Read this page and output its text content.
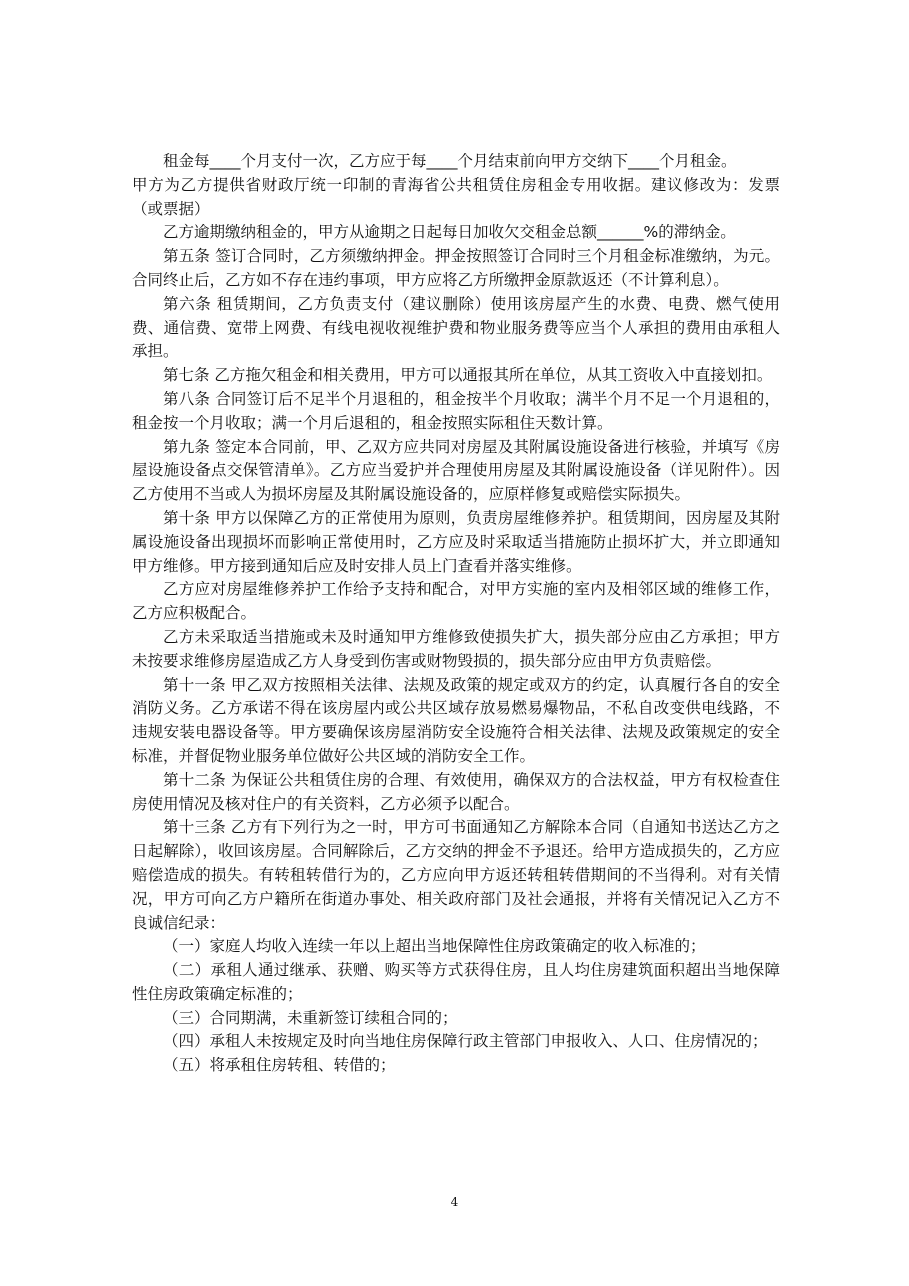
租金每____个月支付一次，乙方应于每____个月结束前向甲方交纳下____个月租金。

甲方为乙方提供省财政厅统一印制的青海省公共租赁住房租金专用收据。建议修改为：发票（或票据）

乙方逾期缴纳租金的，甲方从逾期之日起每日加收欠交租金总额______%的滞纳金。

第五条 签订合同时，乙方须缴纳押金。押金按照签订合同时三个月租金标准缴纳，为元。合同终止后，乙方如不存在违约事项，甲方应将乙方所缴押金原款返还（不计算利息）。

第六条 租赁期间，乙方负责支付（建议删除）使用该房屋产生的水费、电费、燃气使用费、通信费、宽带上网费、有线电视收视维护费和物业服务费等应当个人承担的费用由承租人承担。

第七条 乙方拖欠租金和相关费用，甲方可以通报其所在单位，从其工资收入中直接划扣。

第八条 合同签订后不足半个月退租的，租金按半个月收取；满半个月不足一个月退租的，租金按一个月收取；满一个月后退租的，租金按照实际租住天数计算。

第九条 签定本合同前，甲、乙双方应共同对房屋及其附属设施设备进行核验，并填写《房屋设施设备点交保管清单》。乙方应当爱护并合理使用房屋及其附属设施设备（详见附件）。因乙方使用不当或人为损坏房屋及其附属设施设备的，应原样修复或赔偿实际损失。

第十条 甲方以保障乙方的正常使用为原则，负责房屋维修养护。租赁期间，因房屋及其附属设施设备出现损坏而影响正常使用时，乙方应及时采取适当措施防止损坏扩大，并立即通知甲方维修。甲方接到通知后应及时安排人员上门查看并落实维修。

乙方应对房屋维修养护工作给予支持和配合，对甲方实施的室内及相邻区域的维修工作，乙方应积极配合。

乙方未采取适当措施或未及时通知甲方维修致使损失扩大，损失部分应由乙方承担；甲方未按要求维修房屋造成乙方人身受到伤害或财物毁损的，损失部分应由甲方负责赔偿。

第十一条 甲乙双方按照相关法律、法规及政策的规定或双方的约定，认真履行各自的安全消防义务。乙方承诺不得在该房屋内或公共区域存放易燃易爆物品，不私自改变供电线路，不违规安装电器设备等。甲方要确保该房屋消防安全设施符合相关法律、法规及政策规定的安全标准，并督促物业服务单位做好公共区域的消防安全工作。

第十二条 为保证公共租赁住房的合理、有效使用，确保双方的合法权益，甲方有权检查住房使用情况及核对住户的有关资料，乙方必须予以配合。

第十三条 乙方有下列行为之一时，甲方可书面通知乙方解除本合同（自通知书送达乙方之日起解除），收回该房屋。合同解除后，乙方交纳的押金不予退还。给甲方造成损失的，乙方应赔偿造成的损失。有转租转借行为的，乙方应向甲方返还转租转借期间的不当得利。对有关情况，甲方可向乙方户籍所在街道办事处、相关政府部门及社会通报，并将有关情况记入乙方不良诚信纪录：

（一）家庭人均收入连续一年以上超出当地保障性住房政策确定的收入标准的；

（二）承租人通过继承、获赠、购买等方式获得住房，且人均住房建筑面积超出当地保障性住房政策确定标准的；

（三）合同期满，未重新签订续租合同的；

（四）承租人未按规定及时向当地住房保障行政主管部门申报收入、人口、住房情况的；

（五）将承租住房转租、转借的；

4
